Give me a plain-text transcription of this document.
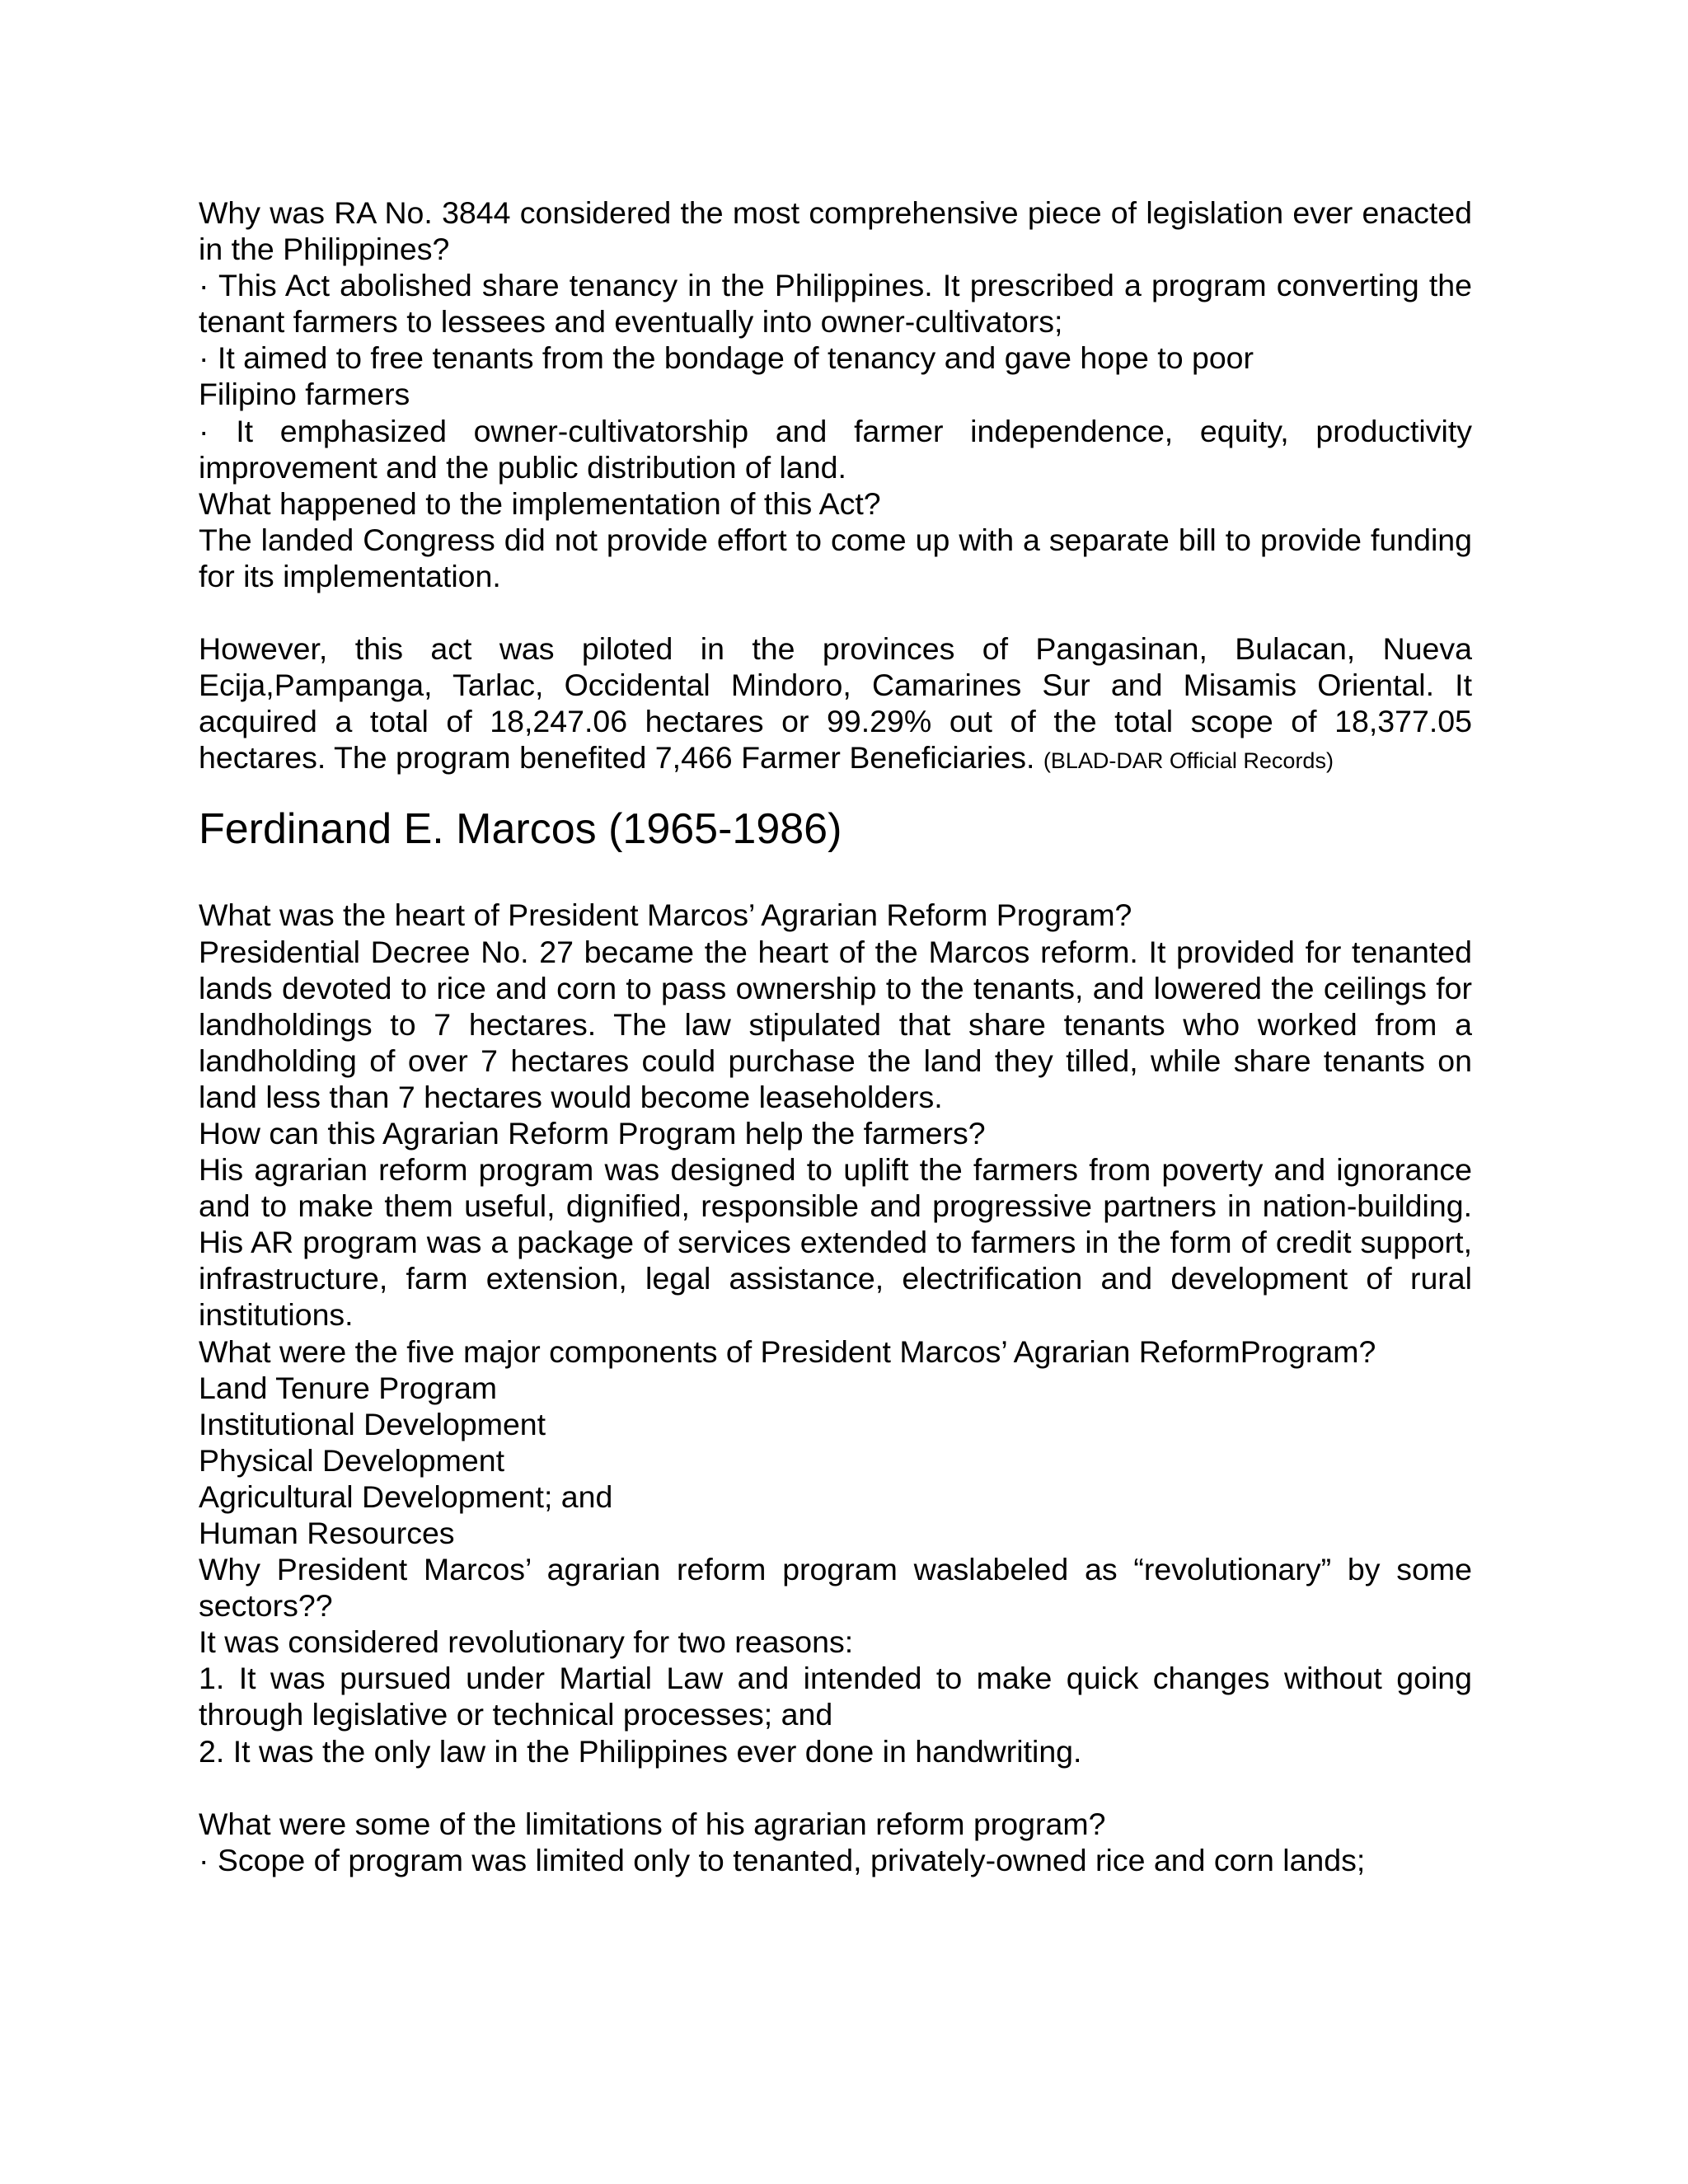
Why was RA No. 3844 considered the most comprehensive piece of legislation ever enacted in the Philippines?

· This Act abolished share tenancy in the Philippines. It prescribed a program converting the tenant farmers to lessees and eventually into owner-cultivators;

· It aimed to free tenants from the bondage of tenancy and gave hope to poor

Filipino farmers

· It emphasized owner-cultivatorship and farmer independence, equity, productivity improvement and the public distribution of land.

What happened to the implementation of this Act?

The landed Congress did not provide effort to come up with a separate bill to provide funding for its implementation.

However, this act was piloted in the provinces of Pangasinan, Bulacan, Nueva Ecija,Pampanga, Tarlac, Occidental Mindoro, Camarines Sur and Misamis Oriental. It acquired a total of 18,247.06 hectares or 99.29% out of the total scope of 18,377.05 hectares. The program benefited 7,466 Farmer Beneficiaries. (BLAD-DAR Official Records)

Ferdinand E. Marcos (1965-1986)

What was the heart of President Marcos’ Agrarian Reform Program?

Presidential Decree No. 27 became the heart of the Marcos reform. It provided for tenanted lands devoted to rice and corn to pass ownership to the tenants, and lowered the ceilings for landholdings to 7 hectares. The law stipulated that share tenants who worked from a landholding of over 7 hectares could purchase the land they tilled, while share tenants on land less than 7 hectares would become leaseholders.

How can this Agrarian Reform Program help the farmers?

His agrarian reform program was designed to uplift the farmers from poverty and ignorance and to make them useful, dignified, responsible and progressive partners in nation-building. His AR program was a package of services extended to farmers in the form of credit support, infrastructure, farm extension, legal assistance, electrification and development of rural institutions.

What were the five major components of President Marcos’ Agrarian ReformProgram?

Land Tenure Program

Institutional Development

Physical Development

Agricultural Development; and

Human Resources

Why President Marcos’ agrarian reform program waslabeled as “revolutionary” by some sectors??

It was considered revolutionary for two reasons:

1. It was pursued under Martial Law and intended to make quick changes without going through legislative or technical processes; and

2. It was the only law in the Philippines ever done in handwriting.

What were some of the limitations of his agrarian reform program?

· Scope of program was limited only to tenanted, privately-owned rice and corn lands;
